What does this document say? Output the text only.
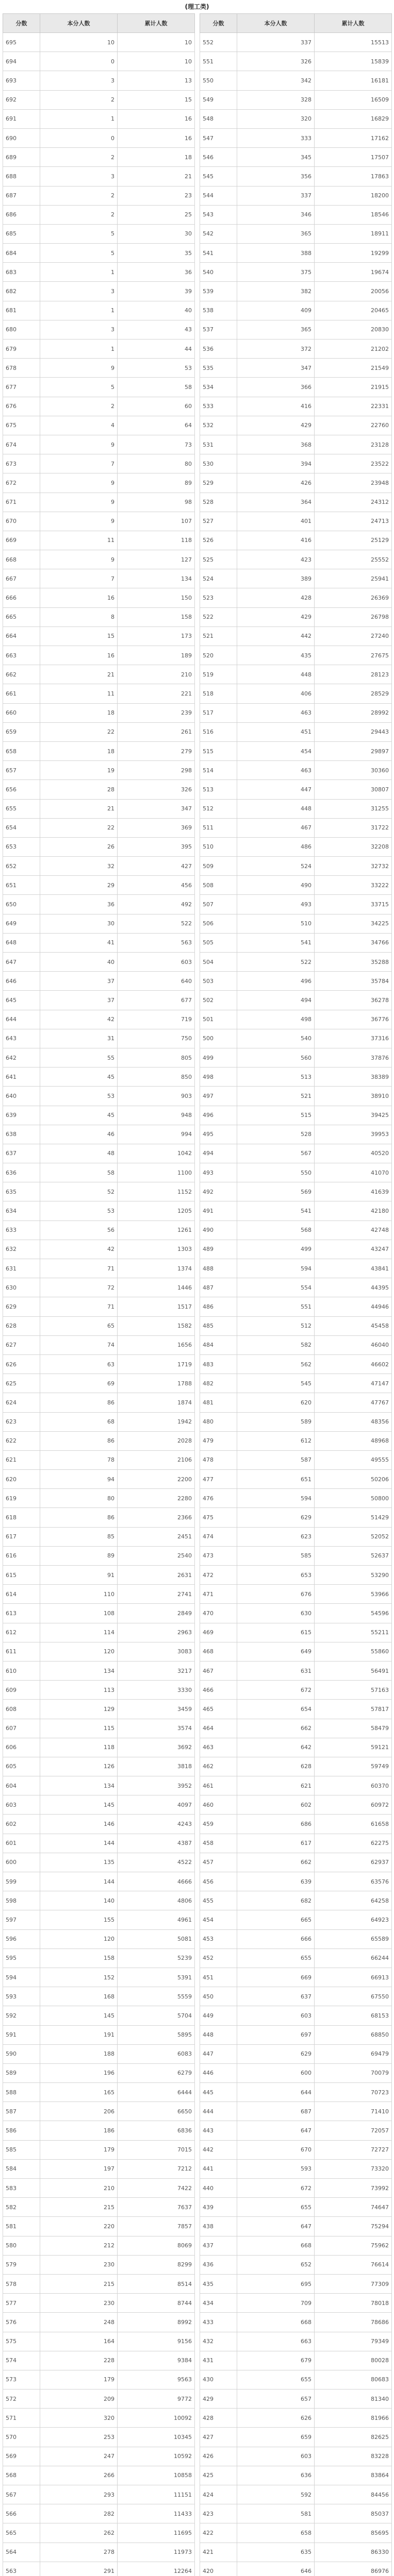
(理工类)
分数	本分人数	累计人数
695	10	10
694	0	10
693	3	13
692	2	15
691	1	16
690	0	16
689	2	18
688	3	21
687	2	23
686	2	25
685	5	30
684	5	35
683	1	36
682	3	39
681	1	40
680	3	43
679	1	44
678	9	53
677	5	58
676	2	60
675	4	64
674	9	73
673	7	80
672	9	89
671	9	98
670	9	107
669	11	118
668	9	127
667	7	134
666	16	150
665	8	158
664	15	173
663	16	189
662	21	210
661	11	221
660	18	239
659	22	261
658	18	279
657	19	298
656	28	326
655	21	347
654	22	369
653	26	395
652	32	427
651	29	456
650	36	492
649	30	522
648	41	563
647	40	603
646	37	640
645	37	677
644	42	719
643	31	750
642	55	805
641	45	850
640	53	903
639	45	948
638	46	994
637	48	1042
636	58	1100
635	52	1152
634	53	1205
633	56	1261
632	42	1303
631	71	1374
630	72	1446
629	71	1517
628	65	1582
627	74	1656
626	63	1719
625	69	1788
624	86	1874
623	68	1942
622	86	2028
621	78	2106
620	94	2200
619	80	2280
618	86	2366
617	85	2451
616	89	2540
615	91	2631
614	110	2741
613	108	2849
612	114	2963
611	120	3083
610	134	3217
609	113	3330
608	129	3459
607	115	3574
606	118	3692
605	126	3818
604	134	3952
603	145	4097
602	146	4243
601	144	4387
600	135	4522
599	144	4666
598	140	4806
597	155	4961
596	120	5081
595	158	5239
594	152	5391
593	168	5559
592	145	5704
591	191	5895
590	188	6083
589	196	6279
588	165	6444
587	206	6650
586	186	6836
585	179	7015
584	197	7212
583	210	7422
582	215	7637
581	220	7857
580	212	8069
579	230	8299
578	215	8514
577	230	8744
576	248	8992
575	164	9156
574	228	9384
573	179	9563
572	209	9772
571	320	10092
570	253	10345
569	247	10592
568	266	10858
567	293	11151
566	282	11433
565	262	11695
564	278	11973
563	291	12264

分数	本分人数	累计人数
552	337	15513
551	326	15839
550	342	16181
549	328	16509
548	320	16829
547	333	17162
546	345	17507
545	356	17863
544	337	18200
543	346	18546
542	365	18911
541	388	19299
540	375	19674
539	382	20056
538	409	20465
537	365	20830
536	372	21202
535	347	21549
534	366	21915
533	416	22331
532	429	22760
531	368	23128
530	394	23522
529	426	23948
528	364	24312
527	401	24713
526	416	25129
525	423	25552
524	389	25941
523	428	26369
522	429	26798
521	442	27240
520	435	27675
519	448	28123
518	406	28529
517	463	28992
516	451	29443
515	454	29897
514	463	30360
513	447	30807
512	448	31255
511	467	31722
510	486	32208
509	524	32732
508	490	33222
507	493	33715
506	510	34225
505	541	34766
504	522	35288
503	496	35784
502	494	36278
501	498	36776
500	540	37316
499	560	37876
498	513	38389
497	521	38910
496	515	39425
495	528	39953
494	567	40520
493	550	41070
492	569	41639
491	541	42180
490	568	42748
489	499	43247
488	594	43841
487	554	44395
486	551	44946
485	512	45458
484	582	46040
483	562	46602
482	545	47147
481	620	47767
480	589	48356
479	612	48968
478	587	49555
477	651	50206
476	594	50800
475	629	51429
474	623	52052
473	585	52637
472	653	53290
471	676	53966
470	630	54596
469	615	55211
468	649	55860
467	631	56491
466	672	57163
465	654	57817
464	662	58479
463	642	59121
462	628	59749
461	621	60370
460	602	60972
459	686	61658
458	617	62275
457	662	62937
456	639	63576
455	682	64258
454	665	64923
453	666	65589
452	655	66244
451	669	66913
450	637	67550
449	603	68153
448	697	68850
447	629	69479
446	600	70079
445	644	70723
444	687	71410
443	647	72057
442	670	72727
441	593	73320
440	672	73992
439	655	74647
438	647	75294
437	668	75962
436	652	76614
435	695	77309
434	709	78018
433	668	78686
432	663	79349
431	679	80028
430	655	80683
429	657	81340
428	626	81966
427	659	82625
426	603	83228
425	636	83864
424	592	84456
423	581	85037
422	658	85695
421	635	86330
420	646	86976
